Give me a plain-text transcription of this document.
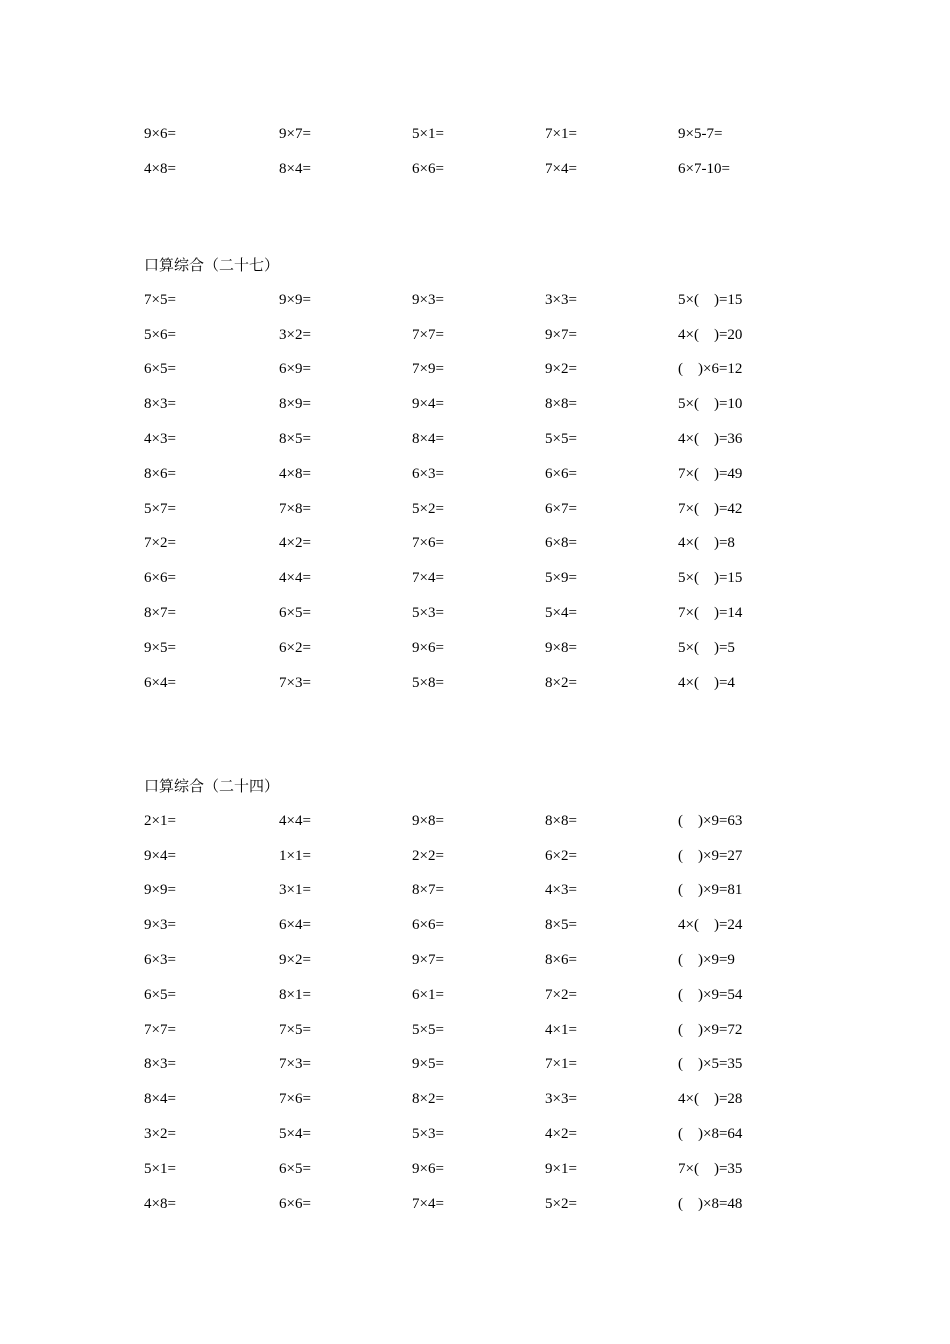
9×6=	9×7=	5×1=	7×1=	9×5-7=
4×8=	8×4=	6×6=	7×4=	6×7-10=
口算综合（二十七）
7×5=	9×9=	9×3=	3×3=	5×(    )=15
5×6=	3×2=	7×7=	9×7=	4×(    )=20
6×5=	6×9=	7×9=	9×2=	(    )×6=12
8×3=	8×9=	9×4=	8×8=	5×(    )=10
4×3=	8×5=	8×4=	5×5=	4×(    )=36
8×6=	4×8=	6×3=	6×6=	7×(    )=49
5×7=	7×8=	5×2=	6×7=	7×(    )=42
7×2=	4×2=	7×6=	6×8=	4×(    )=8
6×6=	4×4=	7×4=	5×9=	5×(    )=15
8×7=	6×5=	5×3=	5×4=	7×(    )=14
9×5=	6×2=	9×6=	9×8=	5×(    )=5
6×4=	7×3=	5×8=	8×2=	4×(    )=4
口算综合（二十四）
2×1=	4×4=	9×8=	8×8=	(    )×9=63
9×4=	1×1=	2×2=	6×2=	(    )×9=27
9×9=	3×1=	8×7=	4×3=	(    )×9=81
9×3=	6×4=	6×6=	8×5=	4×(    )=24
6×3=	9×2=	9×7=	8×6=	(    )×9=9
6×5=	8×1=	6×1=	7×2=	(    )×9=54
7×7=	7×5=	5×5=	4×1=	(    )×9=72
8×3=	7×3=	9×5=	7×1=	(    )×5=35
8×4=	7×6=	8×2=	3×3=	4×(    )=28
3×2=	5×4=	5×3=	4×2=	(    )×8=64
5×1=	6×5=	9×6=	9×1=	7×(    )=35
4×8=	6×6=	7×4=	5×2=	(    )×8=48
